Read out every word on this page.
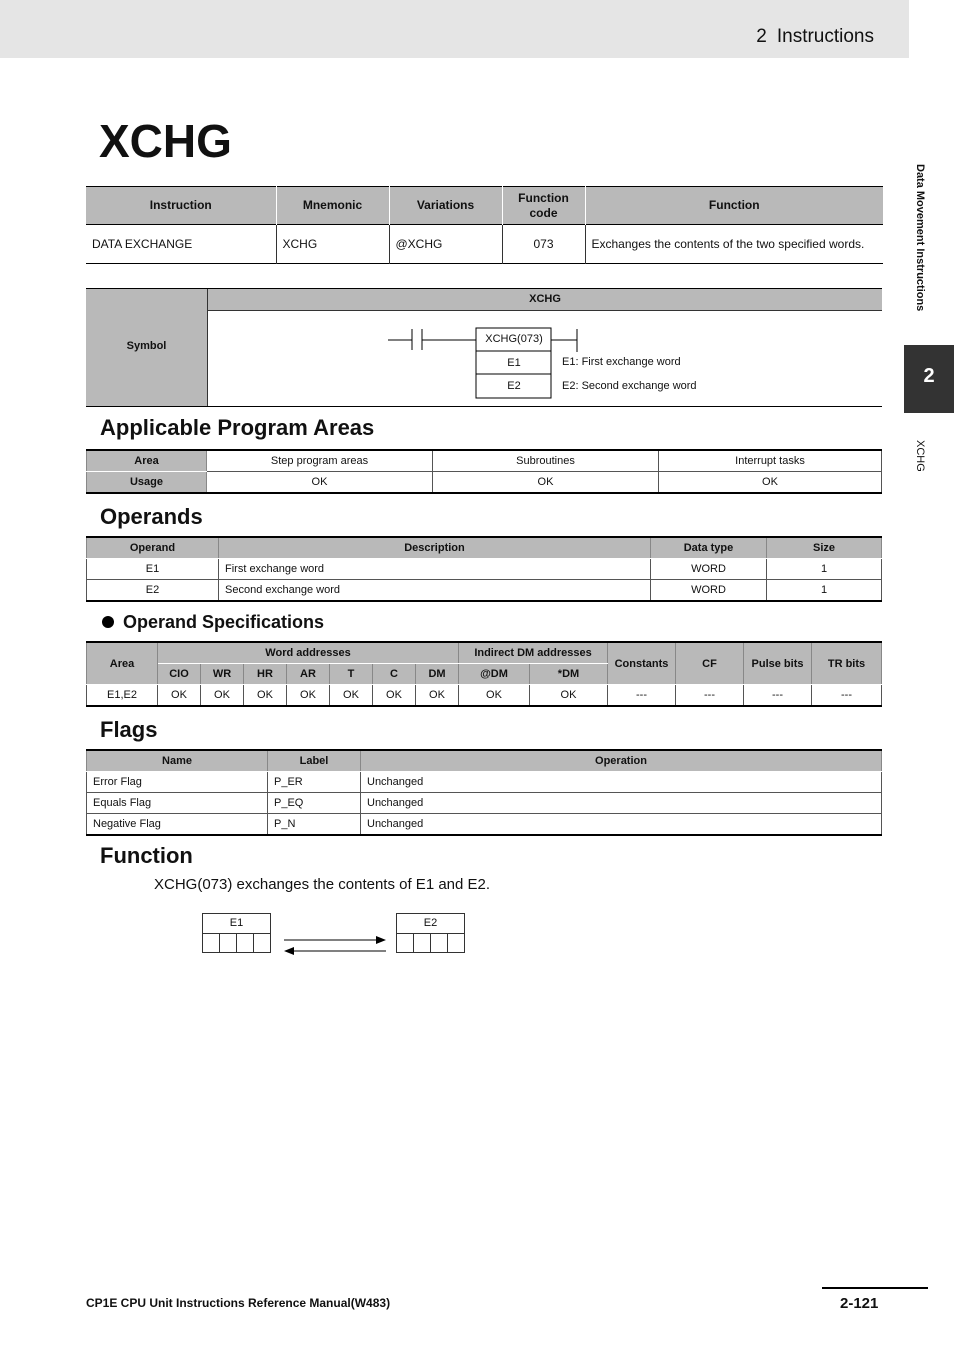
2 Instructions
Data Movement Instructions
2
XCHG
XCHG
Instruction	Mnemonic	Variations	Function code	Function
DATA EXCHANGE	XCHG	@XCHG	073	Exchanges the contents of the two specified words.
Symbol
XCHG
XCHG(073)
E1
E2
E1: First exchange word
E2: Second exchange word
Applicable Program Areas
Area	Step program areas	Subroutines	Interrupt tasks
Usage	OK	OK	OK
Operands
Operand	Description	Data type	Size
E1	First exchange word	WORD	1
E2	Second exchange word	WORD	1
Operand Specifications
Area	Word addresses							Indirect DM addresses		Constants	CF	Pulse bits	TR bits
	CIO	WR	HR	AR	T	C	DM	@DM	*DM				
E1,E2	OK	OK	OK	OK	OK	OK	OK	OK	OK	---	---	---	---
Flags
Name	Label	Operation
Error Flag	P_ER	Unchanged
Equals Flag	P_EQ	Unchanged
Negative Flag	P_N	Unchanged
Function
XCHG(073) exchanges the contents of E1 and E2.
E1	E2
CP1E CPU Unit Instructions Reference Manual(W483)	2-121
